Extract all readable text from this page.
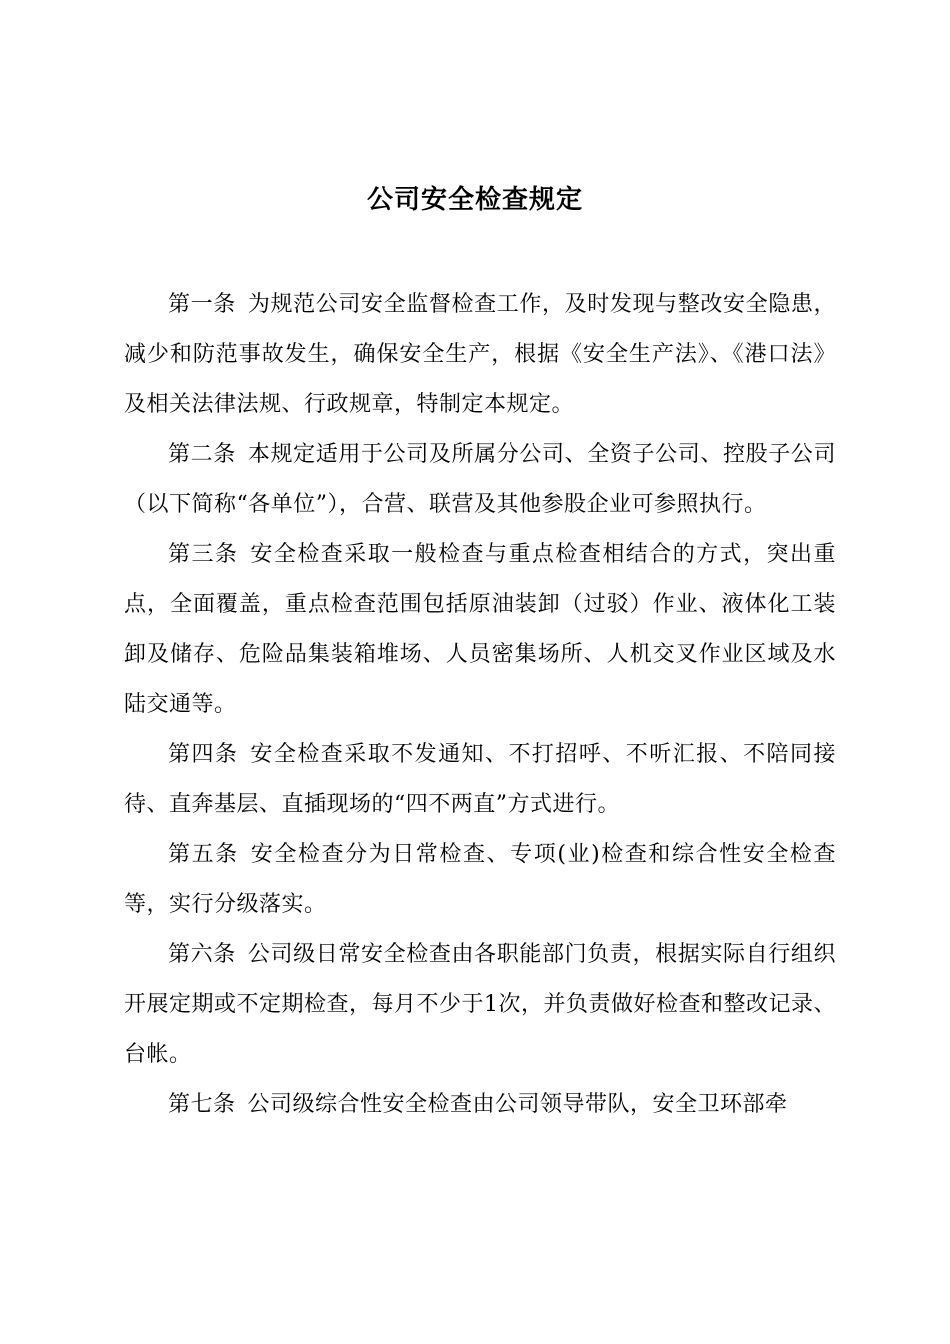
公司安全检查规定

第一条 为规范公司安全监督检查工作，及时发现与整改安全隐患，减少和防范事故发生，确保安全生产，根据《安全生产法》、《港口法》及相关法律法规、行政规章，特制定本规定。

第二条 本规定适用于公司及所属分公司、全资子公司、控股子公司（以下简称“各单位”），合营、联营及其他参股企业可参照执行。

第三条 安全检查采取一般检查与重点检查相结合的方式，突出重点，全面覆盖，重点检查范围包括原油装卸（过驳）作业、液体化工装卸及储存、危险品集装箱堆场、人员密集场所、人机交叉作业区域及水陆交通等。

第四条 安全检查采取不发通知、不打招呼、不听汇报、不陪同接待、直奔基层、直插现场的“四不两直”方式进行。

第五条 安全检查分为日常检查、专项(业)检查和综合性安全检查等，实行分级落实。

第六条 公司级日常安全检查由各职能部门负责，根据实际自行组织开展定期或不定期检查，每月不少于1次，并负责做好检查和整改记录、台帐。

第七条 公司级综合性安全检查由公司领导带队，安全卫环部牵
